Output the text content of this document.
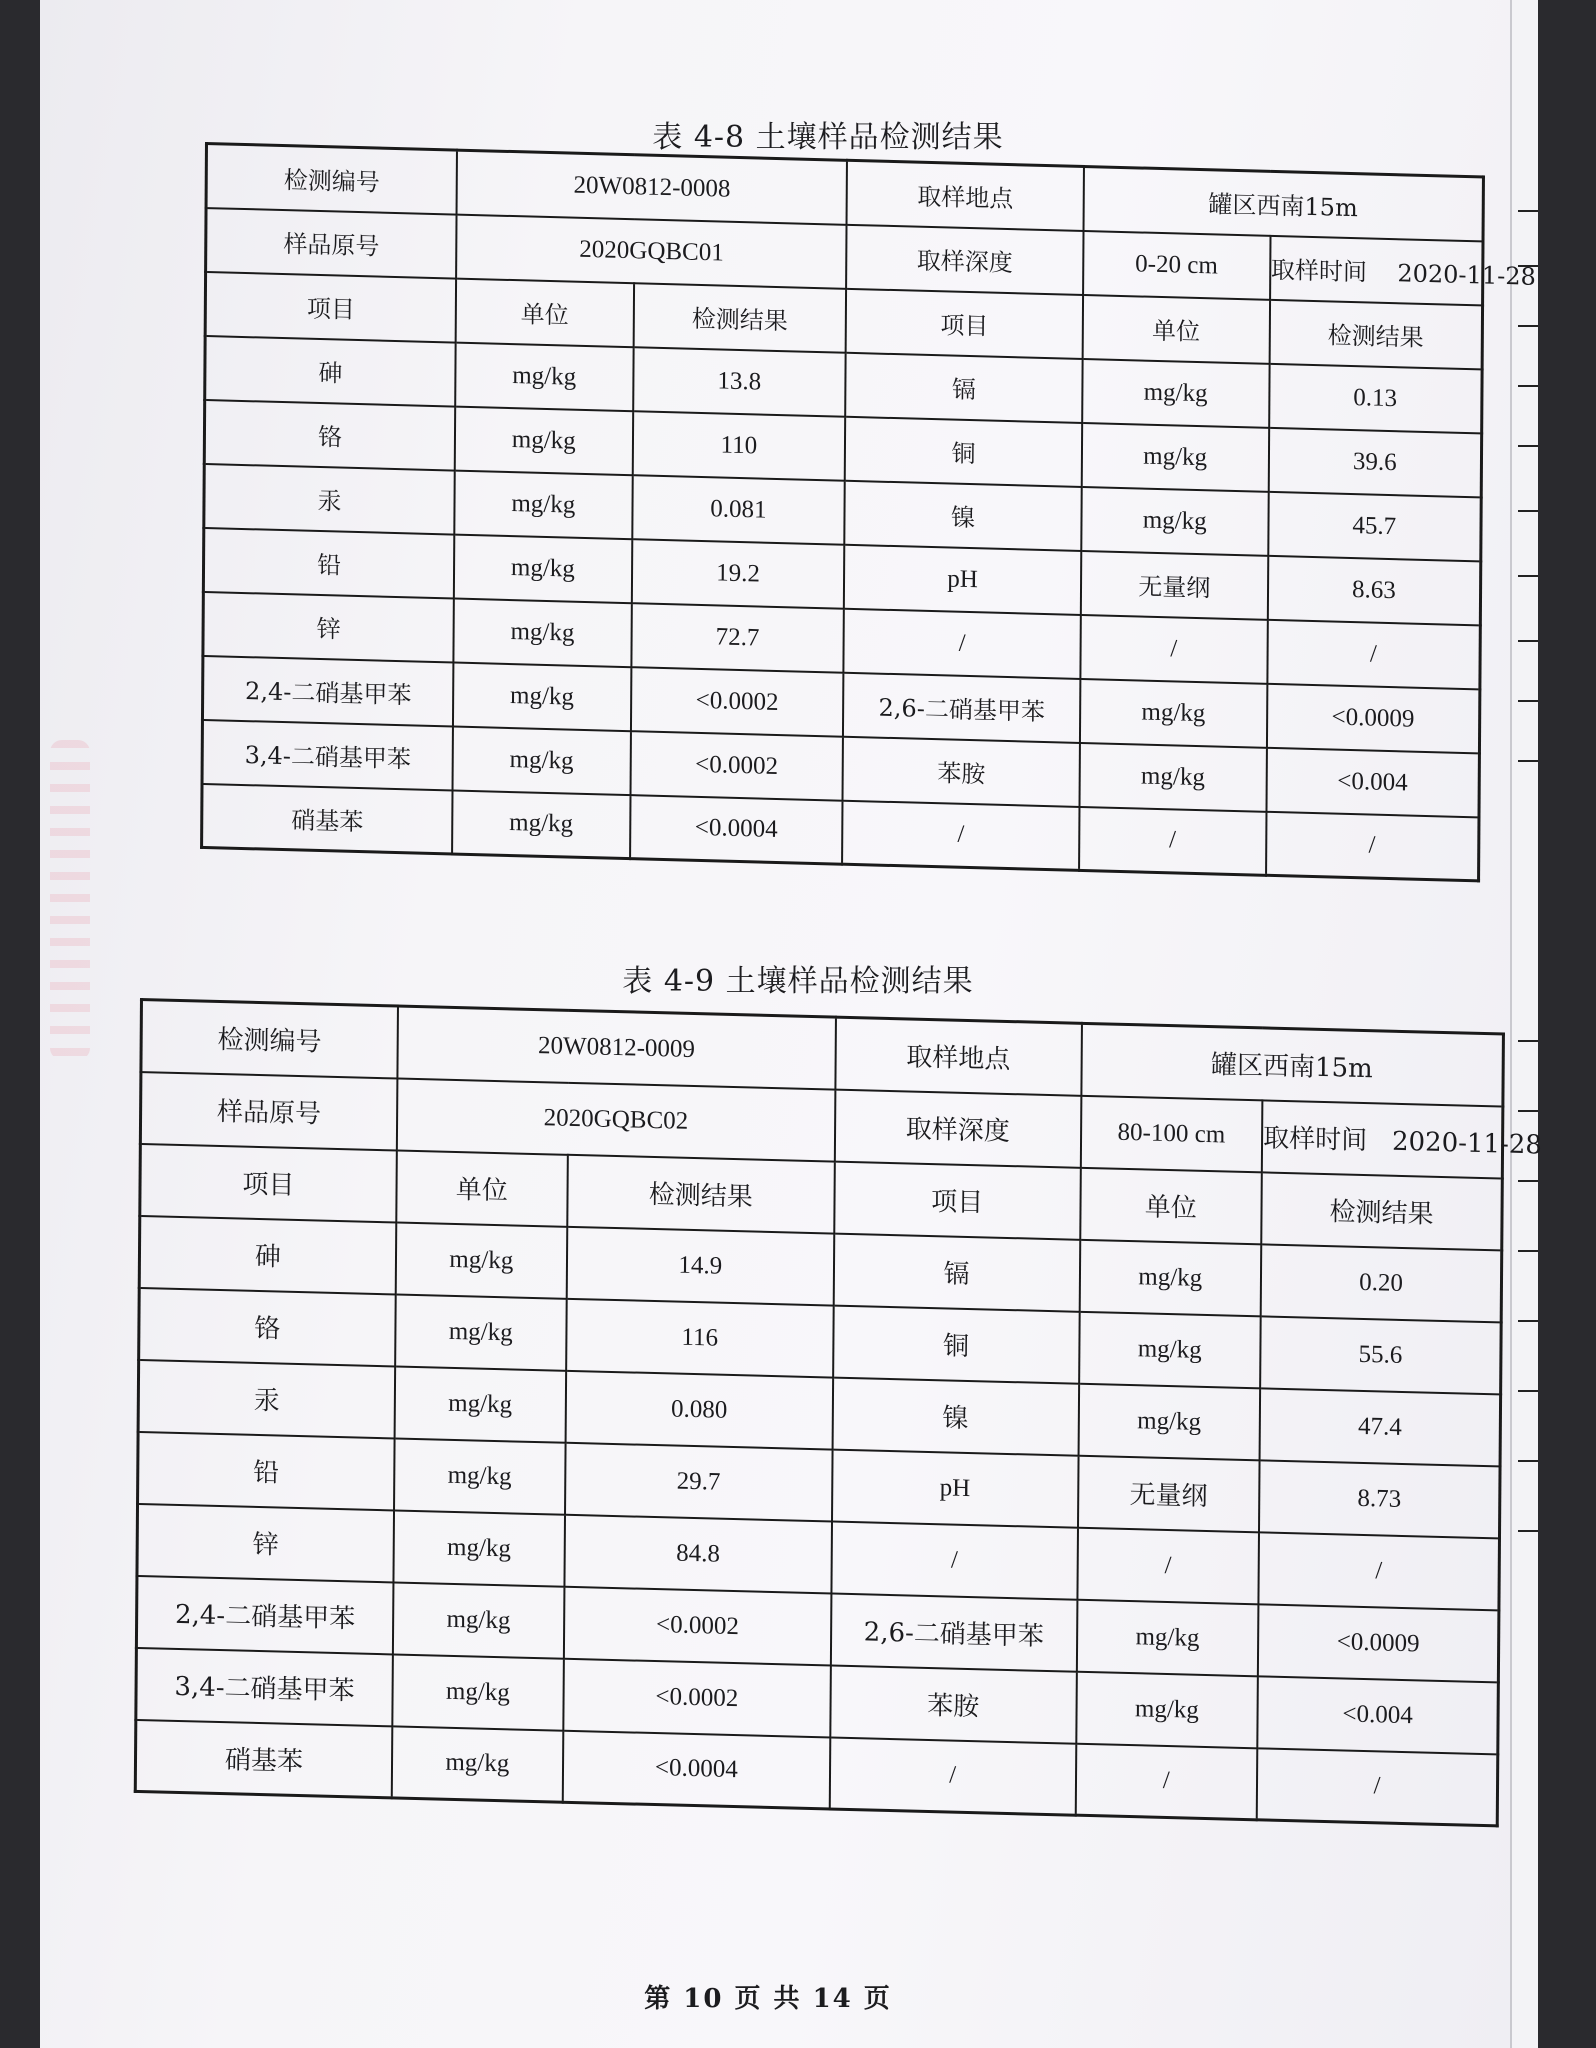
表 4-8 土壤样品检测结果
检测编号	20W0812-0008		取样地点	罐区西南15m	
样品原号	2020GQBC01		取样深度	0-20 cm	取样时间 2020-11-28
项目	单位	检测结果	项目	单位	检测结果
砷	mg/kg	13.8	镉	mg/kg	0.13
铬	mg/kg	110	铜	mg/kg	39.6
汞	mg/kg	0.081	镍	mg/kg	45.7
铅	mg/kg	19.2	pH	无量纲	8.63
锌	mg/kg	72.7	/	/	/
2,4-二硝基甲苯	mg/kg	<0.0002	2,6-二硝基甲苯	mg/kg	<0.0009
3,4-二硝基甲苯	mg/kg	<0.0002	苯胺	mg/kg	<0.004
硝基苯	mg/kg	<0.0004	/	/	/
表 4-9 土壤样品检测结果
检测编号	20W0812-0009		取样地点	罐区西南15m	
样品原号	2020GQBC02		取样深度	80-100 cm	取样时间 2020-11-28
项目	单位	检测结果	项目	单位	检测结果
砷	mg/kg	14.9	镉	mg/kg	0.20
铬	mg/kg	116	铜	mg/kg	55.6
汞	mg/kg	0.080	镍	mg/kg	47.4
铅	mg/kg	29.7	pH	无量纲	8.73
锌	mg/kg	84.8	/	/	/
2,4-二硝基甲苯	mg/kg	<0.0002	2,6-二硝基甲苯	mg/kg	<0.0009
3,4-二硝基甲苯	mg/kg	<0.0002	苯胺	mg/kg	<0.004
硝基苯	mg/kg	<0.0004	/	/	/
第 10 页 共 14 页
